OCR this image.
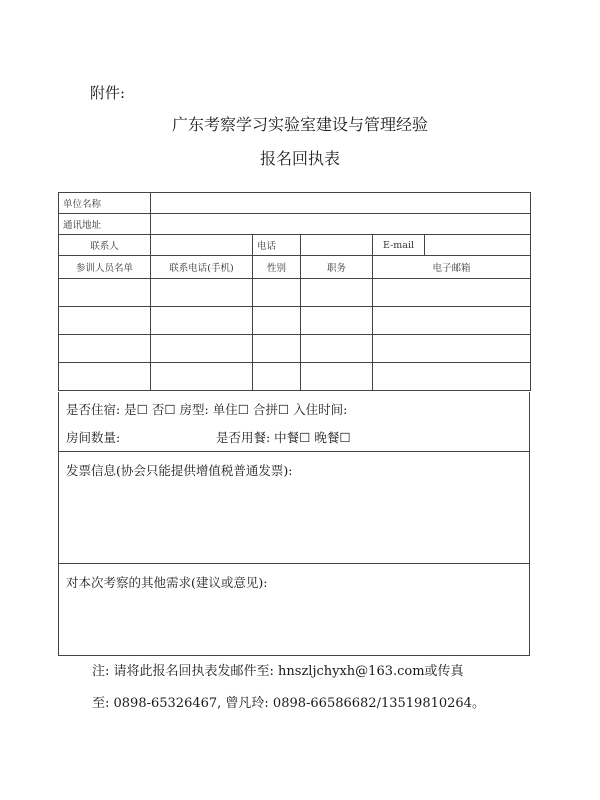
附件:
广东考察学习实验室建设与管理经验
报名回执表
单位名称					
通讯地址					
联系人		电话		E-mail	
参训人员名单	联系电话(手机)	性别	职务	电子邮箱	

是否住宿: 是☐ 否☐ 房型: 单住☐ 合拼☐ 入住时间:
房间数量:	是否用餐: 中餐☐ 晚餐☐
发票信息(协会只能提供增值税普通发票):
对本次考察的其他需求(建议或意见):
注: 请将此报名回执表发邮件至: hnszljchyxh@163.com或传真
至: 0898-65326467, 曾凡玲: 0898-66586682/13519810264。
